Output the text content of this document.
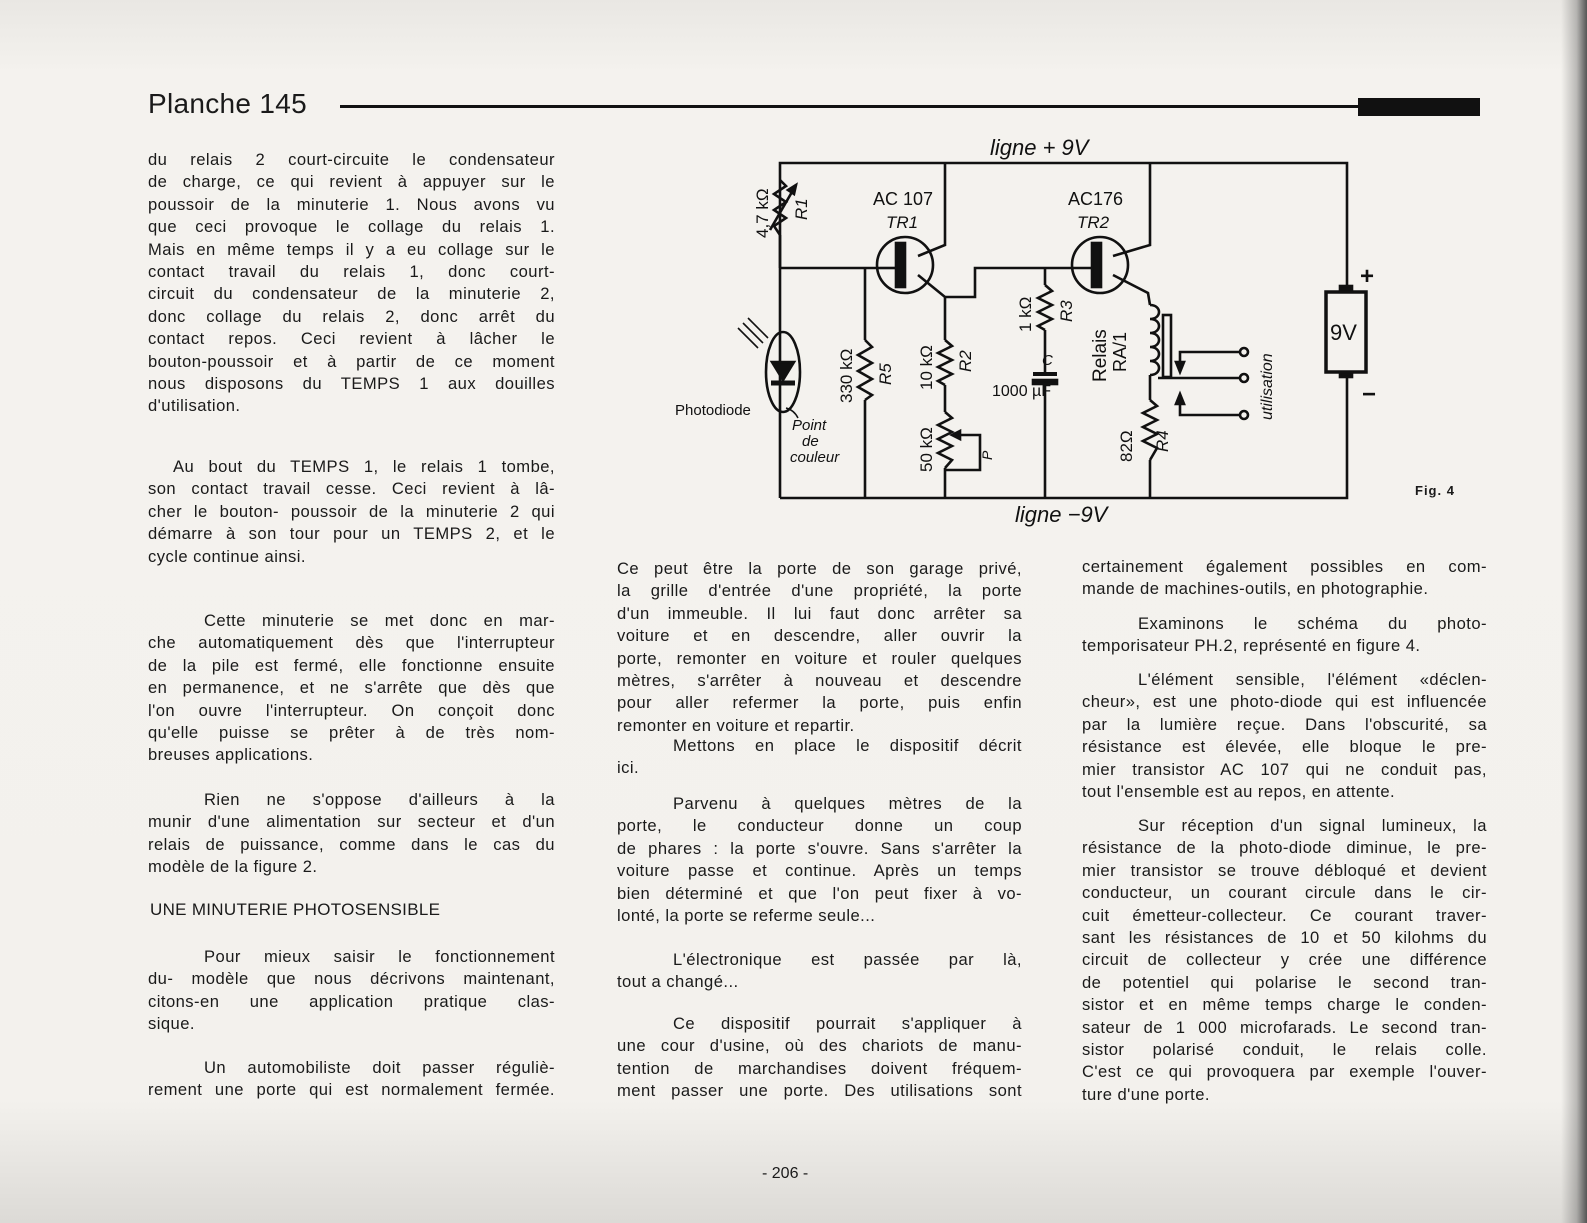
Planche 145
du relais 2 court-circuite le condensateur
de charge, ce qui revient à appuyer sur le
poussoir de la minuterie 1. Nous avons vu
que ceci provoque le collage du relais 1.
Mais en même temps il y a eu collage sur le
contact travail du relais 1, donc court-
circuit du condensateur de la minuterie 2,
donc collage du relais 2, donc arrêt du
contact repos. Ceci revient à lâcher le
bouton-poussoir et à partir de ce moment
nous disposons du TEMPS 1 aux douilles
d'utilisation.
Au bout du TEMPS 1, le relais 1 tombe,
son contact travail cesse. Ceci revient à lâ-
cher le bouton- poussoir de la minuterie 2 qui
démarre à son tour pour un TEMPS 2, et le
cycle continue ainsi.
Cette minuterie se met donc en mar-
che automatiquement dès que l'interrupteur
de la pile est fermé, elle fonctionne ensuite
en permanence, et ne s'arrête que dès que
l'on ouvre l'interrupteur. On conçoit donc
qu'elle puisse se prêter à de très nom-
breuses applications.
Rien ne s'oppose d'ailleurs à la
munir d'une alimentation sur secteur et d'un
relais de puissance, comme dans le cas du
modèle de la figure 2.
Pour mieux saisir le fonctionnement
du- modèle que nous décrivons maintenant,
citons-en une application pratique clas-
sique.
Un automobiliste doit passer réguliè-
rement une porte qui est normalement fermée.
Ce peut être la porte de son garage privé,
la grille d'entrée d'une propriété, la porte
d'un immeuble. Il lui faut donc arrêter sa
voiture et en descendre, aller ouvrir la
porte, remonter en voiture et rouler quelques
mètres, s'arrêter à nouveau et descendre
pour aller refermer la porte, puis enfin
remonter en voiture et repartir.
Mettons en place le dispositif décrit
ici.
Parvenu à quelques mètres de la
porte, le conducteur donne un coup
de phares : la porte s'ouvre. Sans s'arrêter la
voiture passe et continue. Après un temps
bien déterminé et que l'on peut fixer à vo-
lonté, la porte se referme seule...
L'électronique est passée par là,
tout a changé...
Ce dispositif pourrait s'appliquer à
une cour d'usine, où des chariots de manu-
tention de marchandises doivent fréquem-
ment passer une porte. Des utilisations sont
certainement également possibles en com-
mande de machines-outils, en photographie.
Examinons le schéma du photo-
temporisateur PH.2, représenté en figure 4.
L'élément sensible, l'élément «déclen-
cheur», est une photo-diode qui est influencée
par la lumière reçue. Dans l'obscurité, sa
résistance est élevée, elle bloque le pre-
mier transistor AC 107 qui ne conduit pas,
tout l'ensemble est au repos, en attente.
Sur réception d'un signal lumineux, la
résistance de la photo-diode diminue, le pre-
mier transistor se trouve débloqué et devient
conducteur, un courant circule dans le cir-
cuit émetteur-collecteur. Ce courant traver-
sant les résistances de 10 et 50 kilohms du
circuit de collecteur y crée une différence
de potentiel qui polarise le second tran-
sistor et en même temps charge le conden-
sateur de 1 000 microfarads. Le second tran-
sistor polarisé conduit, le relais colle.
C'est ce qui provoquera par exemple l'ouver-
ture d'une porte.
UNE MINUTERIE PHOTOSENSIBLE
ligne + 9V
ligne −9V
AC 107
TR1
AC176
TR2
4,7 kΩ R1
330 kΩ R5 10 kΩ R2
50 kΩ	P
1 kΩ R3
C
1000 µF
Relais RA/1
82Ω R4
utilisation
9V
+
−
Photodiode
Point
de
couleur
Fig. 4
- 206 -
